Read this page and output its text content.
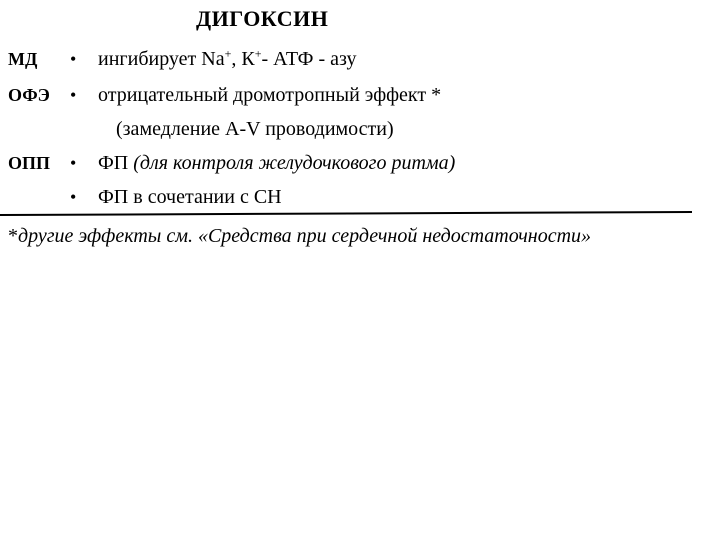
ДИГОКСИН
МД • ингибирует Na+, К+- АТФ - азу
ОФЭ • отрицательный дромотропный эффект *
(замедление A-V проводимости)
ОПП • ФП (для контроля желудочкового ритма)
• ФП в сочетании с СН
*другие эффекты см. «Средства при сердечной недостаточности»
